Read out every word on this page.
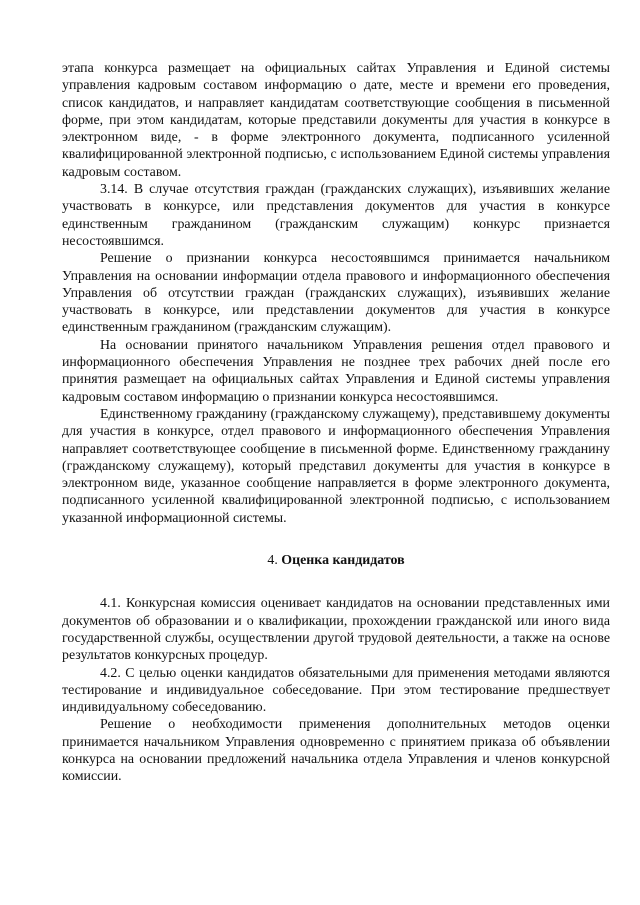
этапа конкурса размещает на официальных сайтах Управления и Единой системы управления кадровым составом информацию о дате, месте и времени его проведения, список кандидатов, и направляет кандидатам соответствующие сообщения в письменной форме, при этом кандидатам, которые представили документы для участия в конкурсе в электронном виде, - в форме электронного документа, подписанного усиленной квалифицированной электронной подписью, с использованием Единой системы управления кадровым составом.

3.14. В случае отсутствия граждан (гражданских служащих), изъявивших желание участвовать в конкурсе, или представления документов для участия в конкурсе единственным гражданином (гражданским служащим) конкурс признается несостоявшимся.

Решение о признании конкурса несостоявшимся принимается начальником Управления на основании информации отдела правового и информационного обеспечения Управления об отсутствии граждан (гражданских служащих), изъявивших желание участвовать в конкурсе, или представлении документов для участия в конкурсе единственным гражданином (гражданским служащим).

На основании принятого начальником Управления решения отдел правового и информационного обеспечения Управления не позднее трех рабочих дней после его принятия размещает на официальных сайтах Управления и Единой системы управления кадровым составом информацию о признании конкурса несостоявшимся.

Единственному гражданину (гражданскому служащему), представившему документы для участия в конкурсе, отдел правового и информационного обеспечения Управления направляет соответствующее сообщение в письменной форме. Единственному гражданину (гражданскому служащему), который представил документы для участия в конкурсе в электронном виде, указанное сообщение направляется в форме электронного документа, подписанного усиленной квалифицированной электронной подписью, с использованием указанной информационной системы.

4. Оценка кандидатов

4.1. Конкурсная комиссия оценивает кандидатов на основании представленных ими документов об образовании и о квалификации, прохождении гражданской или иного вида государственной службы, осуществлении другой трудовой деятельности, а также на основе результатов конкурсных процедур.

4.2. С целью оценки кандидатов обязательными для применения методами являются тестирование и индивидуальное собеседование. При этом тестирование предшествует индивидуальному собеседованию.

Решение о необходимости применения дополнительных методов оценки принимается начальником Управления одновременно с принятием приказа об объявлении конкурса на основании предложений начальника отдела Управления и членов конкурсной комиссии.
